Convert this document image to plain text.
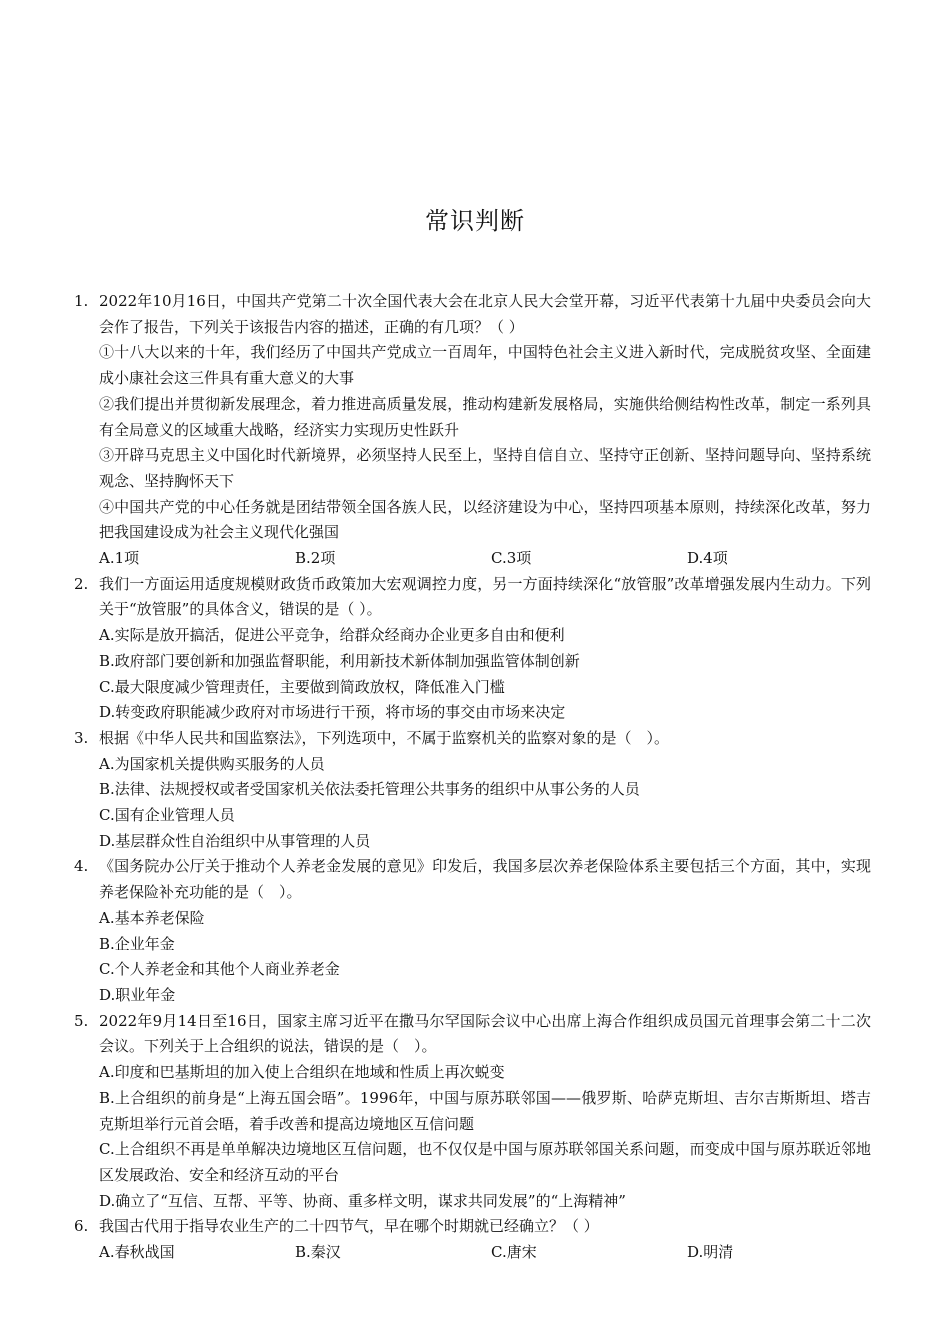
常识判断
1. 2022年10月16日，中国共产党第二十次全国代表大会在北京人民大会堂开幕，习近平代表第十九届中央委员会向大会作了报告，下列关于该报告内容的描述，正确的有几项？（ ）

①十八大以来的十年，我们经历了中国共产党成立一百周年，中国特色社会主义进入新时代，完成脱贫攻坚、全面建成小康社会这三件具有重大意义的大事

②我们提出并贯彻新发展理念，着力推进高质量发展，推动构建新发展格局，实施供给侧结构性改革，制定一系列具有全局意义的区域重大战略，经济实力实现历史性跃升

③开辟马克思主义中国化时代新境界，必须坚持人民至上，坚持自信自立、坚持守正创新、坚持问题导向、坚持系统观念、坚持胸怀天下

④中国共产党的中心任务就是团结带领全国各族人民，以经济建设为中心，坚持四项基本原则，持续深化改革，努力把我国建设成为社会主义现代化强国

A.1项	B.2项	C.3项	D.4项
2. 我们一方面运用适度规模财政货币政策加大宏观调控力度，另一方面持续深化“放管服”改革增强发展内生动力。下列关于“放管服”的具体含义，错误的是（ ）。
A.实际是放开搞活，促进公平竞争，给群众经商办企业更多自由和便利
B.政府部门要创新和加强监督职能，利用新技术新体制加强监管体制创新
C.最大限度减少管理责任，主要做到简政放权，降低准入门槛
D.转变政府职能减少政府对市场进行干预，将市场的事交由市场来决定
3. 根据《中华人民共和国监察法》，下列选项中，不属于监察机关的监察对象的是（　）。
A.为国家机关提供购买服务的人员
B.法律、法规授权或者受国家机关依法委托管理公共事务的组织中从事公务的人员
C.国有企业管理人员
D.基层群众性自治组织中从事管理的人员
4. 《国务院办公厅关于推动个人养老金发展的意见》印发后，我国多层次养老保险体系主要包括三个方面，其中，实现养老保险补充功能的是（　）。
A.基本养老保险
B.企业年金
C.个人养老金和其他个人商业养老金
D.职业年金
5. 2022年9月14日至16日，国家主席习近平在撒马尔罕国际会议中心出席上海合作组织成员国元首理事会第二十二次会议。下列关于上合组织的说法，错误的是（　）。
A.印度和巴基斯坦的加入使上合组织在地域和性质上再次蜕变
B.上合组织的前身是“上海五国会晤”。1996年，中国与原苏联邻国——俄罗斯、哈萨克斯坦、吉尔吉斯斯坦、塔吉克斯坦举行元首会晤，着手改善和提高边境地区互信问题
C.上合组织不再是单单解决边境地区互信问题，也不仅仅是中国与原苏联邻国关系问题，而变成中国与原苏联近邻地区发展政治、安全和经济互动的平台
D.确立了“互信、互帮、平等、协商、重多样文明，谋求共同发展”的“上海精神”
6. 我国古代用于指导农业生产的二十四节气，早在哪个时期就已经确立？（ ）
A.春秋战国	B.秦汉	C.唐宋	D.明清
